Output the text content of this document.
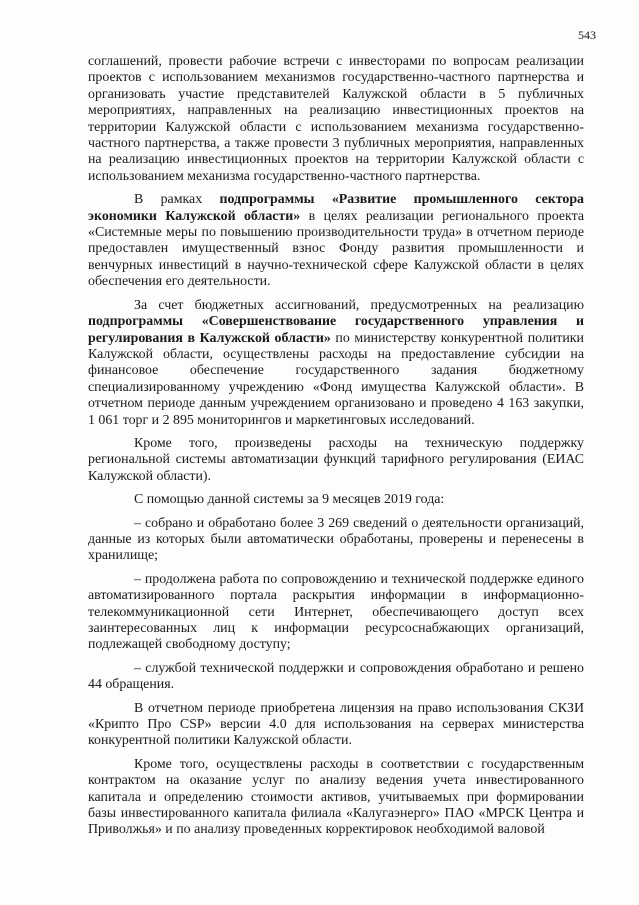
543

соглашений, провести рабочие встречи с инвесторами по вопросам реализации проектов с использованием механизмов государственно-частного партнерства и организовать участие представителей Калужской области в 5 публичных мероприятиях, направленных на реализацию инвестиционных проектов на территории Калужской области с использованием механизма государственно-частного партнерства, а также провести 3 публичных мероприятия, направленных на реализацию инвестиционных проектов на территории Калужской области с использованием механизма государственно-частного партнерства.

В рамках подпрограммы «Развитие промышленного сектора экономики Калужской области» в целях реализации регионального проекта «Системные меры по повышению производительности труда» в отчетном периоде предоставлен имущественный взнос Фонду развития промышленности и венчурных инвестиций в научно-технической сфере Калужской области в целях обеспечения его деятельности.

За счет бюджетных ассигнований, предусмотренных на реализацию подпрограммы «Совершенствование государственного управления и регулирования в Калужской области» по министерству конкурентной политики Калужской области, осуществлены расходы на предоставление субсидии на финансовое обеспечение государственного задания бюджетному специализированному учреждению «Фонд имущества Калужской области». В отчетном периоде данным учреждением организовано и проведено 4 163 закупки, 1 061 торг и 2 895 мониторингов и маркетинговых исследований.

Кроме того, произведены расходы на техническую поддержку региональной системы автоматизации функций тарифного регулирования (ЕИАС Калужской области).

С помощью данной системы за 9 месяцев 2019 года:

– собрано и обработано более 3 269 сведений о деятельности организаций, данные из которых были автоматически обработаны, проверены и перенесены в хранилище;

– продолжена работа по сопровождению и технической поддержке единого автоматизированного портала раскрытия информации в информационно-телекоммуникационной сети Интернет, обеспечивающего доступ всех заинтересованных лиц к информации ресурсоснабжающих организаций, подлежащей свободному доступу;

– службой технической поддержки и сопровождения обработано и решено 44 обращения.

В отчетном периоде приобретена лицензия на право использования СКЗИ «Крипто Про CSP» версии 4.0 для использования на серверах министерства конкурентной политики Калужской области.

Кроме того, осуществлены расходы в соответствии с государственным контрактом на оказание услуг по анализу ведения учета инвестированного капитала и определению стоимости активов, учитываемых при формировании базы инвестированного капитала филиала «Калугаэнерго» ПАО «МРСК Центра и Приволжья» и по анализу проведенных корректировок необходимой валовой
